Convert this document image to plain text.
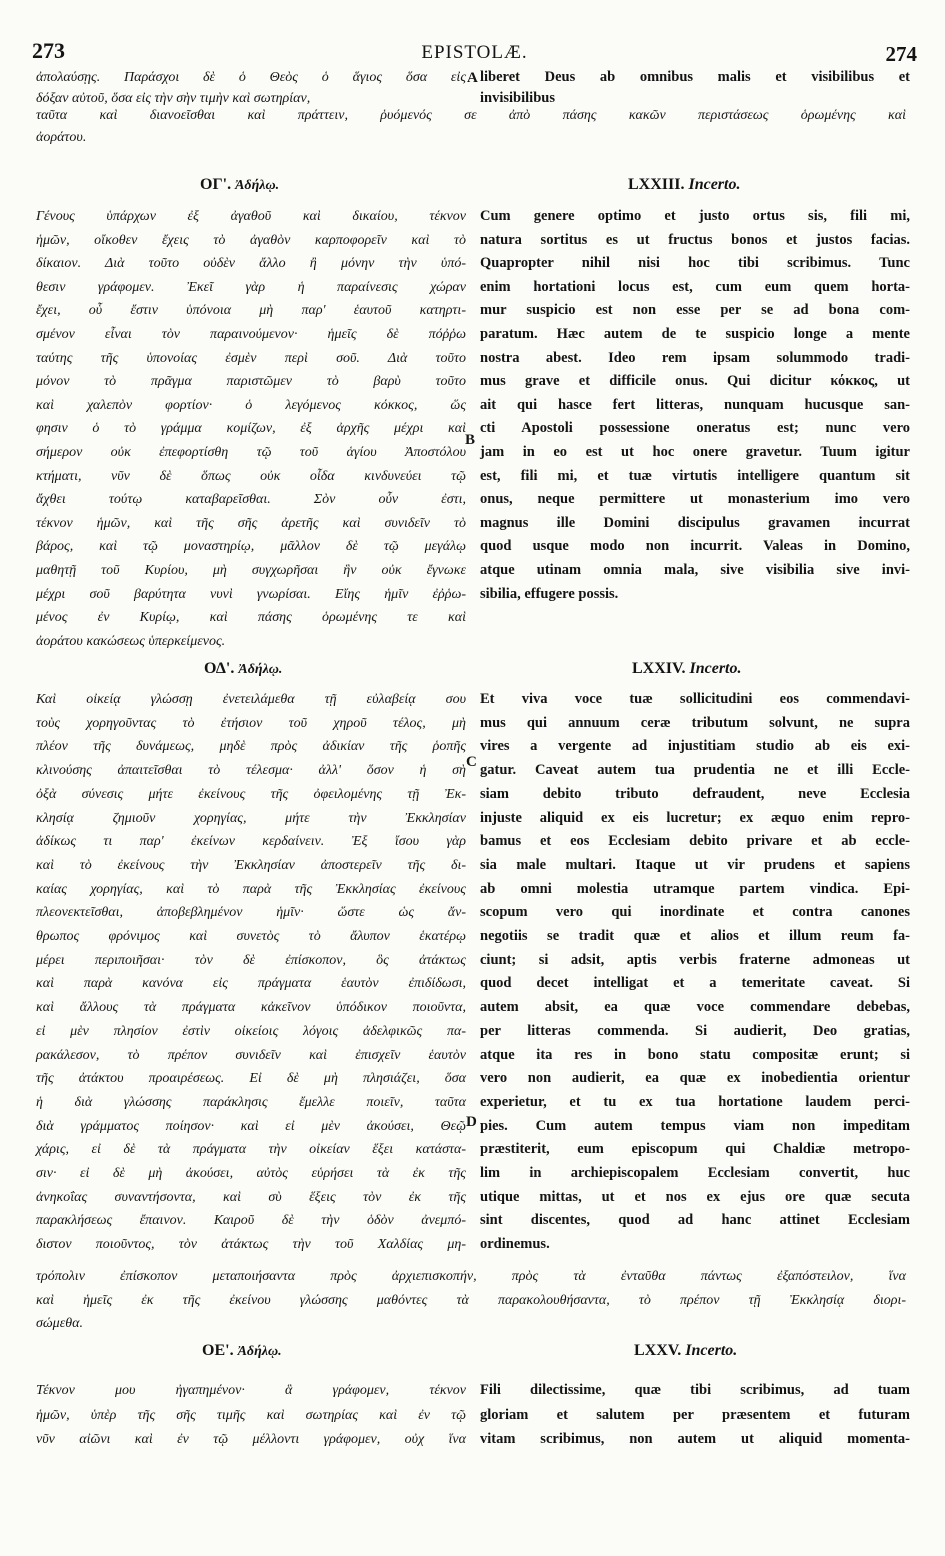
273	EPISTOLÆ.	274
ἀπολαύσῃς. Παράσχοι δὲ ὁ Θεὸς ὁ ἅγιος ὅσα εἰς
δόξαν αὐτοῦ, ὅσα εἰς τὴν σὴν τιμὴν καὶ σωτηρίαν,
liberet Deus ab omnibus malis et visibilibus et
invisibilibus
A
ταῦτα καὶ διανοεῖσθαι καὶ πράττειν, ῥυόμενός σε ἀπὸ πάσης κακῶν περιστάσεως ὁρωμένης καὶ
ἀοράτου.
ΟΓ'. Ἀδήλῳ.	LXXIII. Incerto.
Γένους ὑπάρχων ἐξ ἀγαθοῦ καὶ δικαίου, τέκνον
ἡμῶν, οἴκοθεν ἔχεις τὸ ἀγαθὸν καρποφορεῖν καὶ τὸ
δίκαιον. Διὰ τοῦτο οὐδὲν ἄλλο ἢ μόνην τὴν ὑπό-
θεσιν γράφομεν. Ἐκεῖ γὰρ ἡ παραίνεσις χώραν
ἔχει, οὗ ἔστιν ὑπόνοια μὴ παρ' ἑαυτοῦ κατηρτι-
σμένον εἶναι τὸν παραινούμενον· ἡμεῖς δὲ πόῤῥω
ταύτης τῆς ὑπονοίας ἐσμὲν περὶ σοῦ. Διὰ τοῦτο
μόνον τὸ πρᾶγμα παριστῶμεν τὸ βαρὺ τοῦτο
καὶ χαλεπὸν φορτίον· ὁ λεγόμενος κόκκος, ὥς
φησιν ὁ τὸ γράμμα κομίζων, ἐξ ἀρχῆς μέχρι καὶ
σήμερον οὐκ ἐπεφορτίσθη τῷ τοῦ ἁγίου Ἀποστόλου
κτήματι, νῦν δὲ ὅπως οὐκ οἶδα κινδυνεύει τῷ
ἄχθει τούτῳ καταβαρεῖσθαι. Σὸν οὖν ἐστι,
τέκνον ἡμῶν, καὶ τῆς σῆς ἀρετῆς καὶ συνιδεῖν τὸ
βάρος, καὶ τῷ μοναστηρίῳ, μᾶλλον δὲ τῷ μεγάλῳ
μαθητῇ τοῦ Κυρίου, μὴ συγχωρῆσαι ἣν οὐκ ἔγνωκε
μέχρι σοῦ βαρύτητα νυνὶ γνωρίσαι. Εἴης ἡμῖν ἐῤῥω-
μένος ἐν Κυρίῳ, καὶ πάσης ὁρωμένης τε καὶ
ἀοράτου κακώσεως ὑπερκείμενος.
Cum genere optimo et justo ortus sis, fili mi,
natura sortitus es ut fructus bonos et justos facias.
Quapropter nihil nisi hoc tibi scribimus. Tunc
enim hortationi locus est, cum eum quem horta-
mur suspicio est non esse per se ad bona com-
paratum. Hæc autem de te suspicio longe a mente
nostra abest. Ideo rem ipsam solummodo tradi-
mus grave et difficile onus. Qui dicitur κόκκος, ut
ait qui hasce fert litteras, nunquam hucusque san-
cti Apostoli possessione oneratus est; nunc vero
jam in eo est ut hoc onere gravetur. Tuum igitur
est, fili mi, et tuæ virtutis intelligere quantum sit
onus, neque permittere ut monasterium imo vero
magnus ille Domini discipulus gravamen incurrat
quod usque modo non incurrit. Valeas in Domino,
atque utinam omnia mala, sive visibilia sive invi-
sibilia, effugere possis.
B
ΟΔ'. Ἀδήλῳ.	LXXIV. Incerto.
Καὶ οἰκείᾳ γλώσσῃ ἐνετειλάμεθα τῇ εὐλαβείᾳ σου
τοὺς χορηγοῦντας τὸ ἐτήσιον τοῦ χηροῦ τέλος, μὴ
πλέον τῆς δυνάμεως, μηδὲ πρὸς ἀδικίαν τῆς ῥοπῆς
κλινούσης ἀπαιτεῖσθαι τὸ τέλεσμα· ἀλλ' ὅσον ἡ σὴ
ὀξὰ σύνεσις μήτε ἐκείνους τῆς ὀφειλομένης τῇ Ἐκ-
κλησίᾳ ζημιοῦν χορηγίας, μήτε τὴν Ἐκκλησίαν
ἀδίκως τι παρ' ἐκείνων κερδαίνειν. Ἐξ ἴσου γὰρ
καὶ τὸ ἐκείνους τὴν Ἐκκλησίαν ἀποστερεῖν τῆς δι-
καίας χορηγίας, καὶ τὸ παρὰ τῆς Ἐκκλησίας ἐκείνους
πλεονεκτεῖσθαι, ἀποβεβλημένον ἡμῖν· ὥστε ὡς ἄν-
θρωπος φρόνιμος καὶ συνετὸς τὸ ἄλυπον ἑκατέρῳ
μέρει περιποιῆσαι· τὸν δὲ ἐπίσκοπον, ὃς ἀτάκτως
καὶ παρὰ κανόνα εἰς πράγματα ἑαυτὸν ἐπιδίδωσι,
καὶ ἄλλους τὰ πράγματα κἀκεῖνον ὑπόδικον ποιοῦντα,
εἰ μὲν πλησίον ἐστὶν οἰκείοις λόγοις ἀδελφικῶς πα-
ρακάλεσον, τὸ πρέπον συνιδεῖν καὶ ἐπισχεῖν ἑαυτὸν
τῆς ἀτάκτου προαιρέσεως. Εἰ δὲ μὴ πλησιάζει, ὅσα
ἡ διὰ γλώσσης παράκλησις ἔμελλε ποιεῖν, ταῦτα
διὰ γράμματος ποίησον· καὶ εἰ μὲν ἀκούσει, Θεῷ
χάρις, εἰ δὲ τὰ πράγματα τὴν οἰκείαν ἕξει κατάστα-
σιν· εἰ δὲ μὴ ἀκούσει, αὐτὸς εὑρήσει τὰ ἐκ τῆς
ἀνηκοΐας συναντήσοντα, καὶ σὺ ἕξεις τὸν ἐκ τῆς
παρακλήσεως ἔπαινον. Καιροῦ δὲ τὴν ὁδὸν ἀνεμπό-
διστον ποιοῦντος, τὸν ἀτάκτως τὴν τοῦ Χαλδίας μη-
Et viva voce tuæ sollicitudini eos commendavi-
mus qui annuum ceræ tributum solvunt, ne supra
vires a vergente ad injustitiam studio ab eis exi-
gatur. Caveat autem tua prudentia ne et illi Eccle-
siam debito tributo defraudent, neve Ecclesia
injuste aliquid ex eis lucretur; ex æquo enim repro-
bamus et eos Ecclesiam debito privare et ab eccle-
sia male multari. Itaque ut vir prudens et sapiens
ab omni molestia utramque partem vindica. Epi-
scopum vero qui inordinate et contra canones
negotiis se tradit quæ et alios et illum reum fa-
ciunt; si adsit, aptis verbis fraterne admoneas ut
quod decet intelligat et a temeritate caveat. Si
autem absit, ea quæ voce commendare debebas,
per litteras commenda. Si audierit, Deo gratias,
atque ita res in bono statu compositæ erunt; si
vero non audierit, ea quæ ex inobedientia orientur
experietur, et tu ex tua hortatione laudem perci-
pies. Cum autem tempus viam non impeditam
præstiterit, eum episcopum qui Chaldiæ metropo-
lim in archiepiscopalem Ecclesiam convertit, huc
utique mittas, ut et nos ex ejus ore quæ secuta
sint discentes, quod ad hanc attinet Ecclesiam
ordinemus.
C
D
τρόπολιν ἐπίσκοπον μεταποιήσαντα πρὸς ἀρχιεπισκοπήν, πρὸς τὰ ἐνταῦθα πάντως ἐξαπόστειλον, ἵνα
καὶ ἡμεῖς ἐκ τῆς ἐκείνου γλώσσης μαθόντες τὰ παρακολουθήσαντα, τὸ πρέπον τῇ Ἐκκλησίᾳ διορι-
σώμεθα.
ΟΕ'. Ἀδήλῳ.	LXXV. Incerto.
Τέκνον μου ἠγαπημένον· ἃ γράφομεν, τέκνον
ἡμῶν, ὑπὲρ τῆς σῆς τιμῆς καὶ σωτηρίας καὶ ἐν τῷ
νῦν αἰῶνι καὶ ἐν τῷ μέλλοντι γράφομεν, οὐχ ἵνα
Fili dilectissime, quæ tibi scribimus, ad tuam
gloriam et salutem per præsentem et futuram
vitam scribimus, non autem ut aliquid momenta-
